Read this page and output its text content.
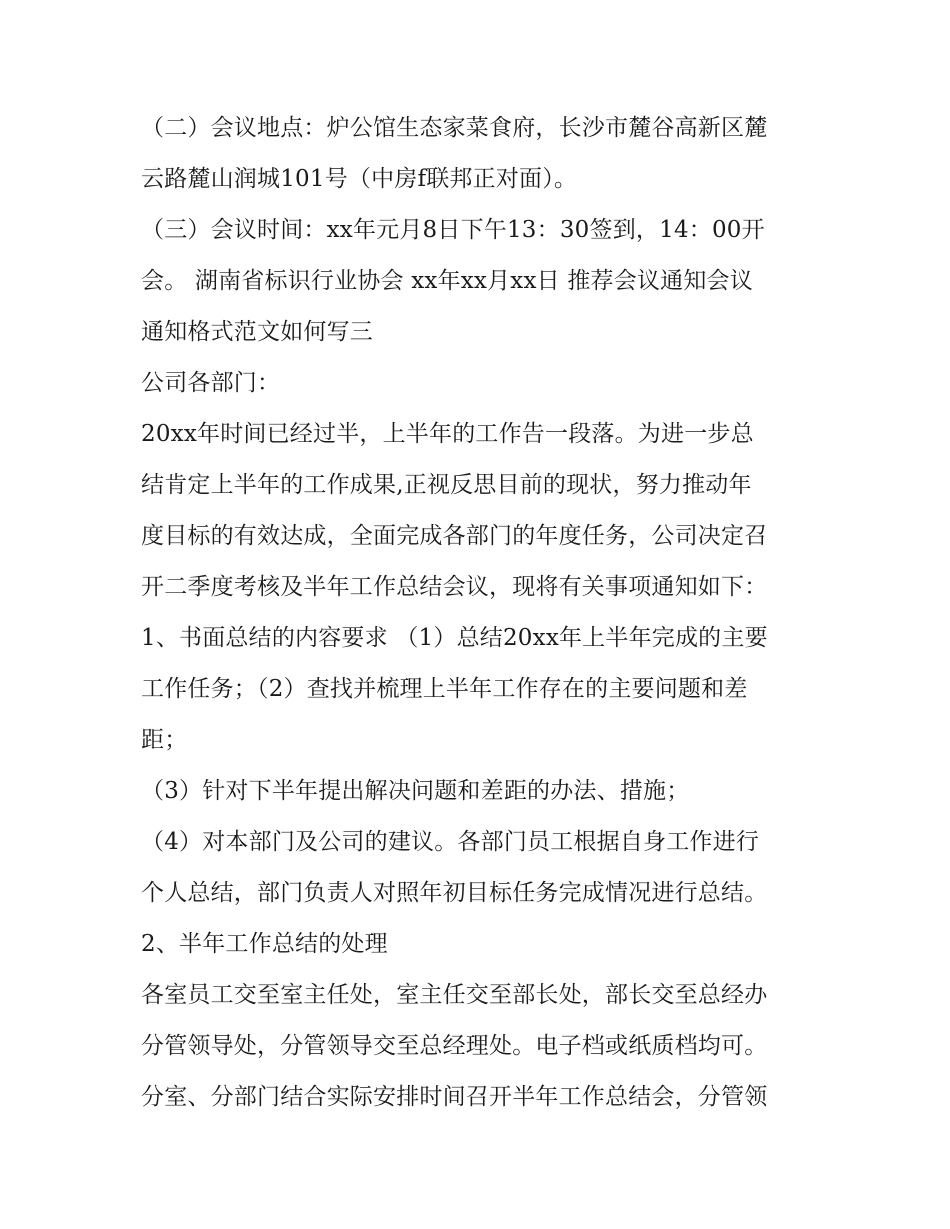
（二）会议地点：炉公馆生态家菜食府，长沙市麓谷高新区麓
云路麓山润城101号（中房f联邦正对面）。
（三）会议时间：xx年元月8日下午13：30签到，14：00开
会。 湖南省标识行业协会 xx年xx月xx日 推荐会议通知会议
通知格式范文如何写三
公司各部门：
20xx年时间已经过半，上半年的工作告一段落。为进一步总
结肯定上半年的工作成果,正视反思目前的现状，努力推动年
度目标的有效达成，全面完成各部门的年度任务，公司决定召
开二季度考核及半年工作总结会议，现将有关事项通知如下：
1、书面总结的内容要求 （1）总结20xx年上半年完成的主要
工作任务；（2）查找并梳理上半年工作存在的主要问题和差
距；
（3）针对下半年提出解决问题和差距的办法、措施；
（4）对本部门及公司的建议。各部门员工根据自身工作进行
个人总结，部门负责人对照年初目标任务完成情况进行总结。
2、半年工作总结的处理
各室员工交至室主任处，室主任交至部长处，部长交至总经办
分管领导处，分管领导交至总经理处。电子档或纸质档均可。
分室、分部门结合实际安排时间召开半年工作总结会，分管领
